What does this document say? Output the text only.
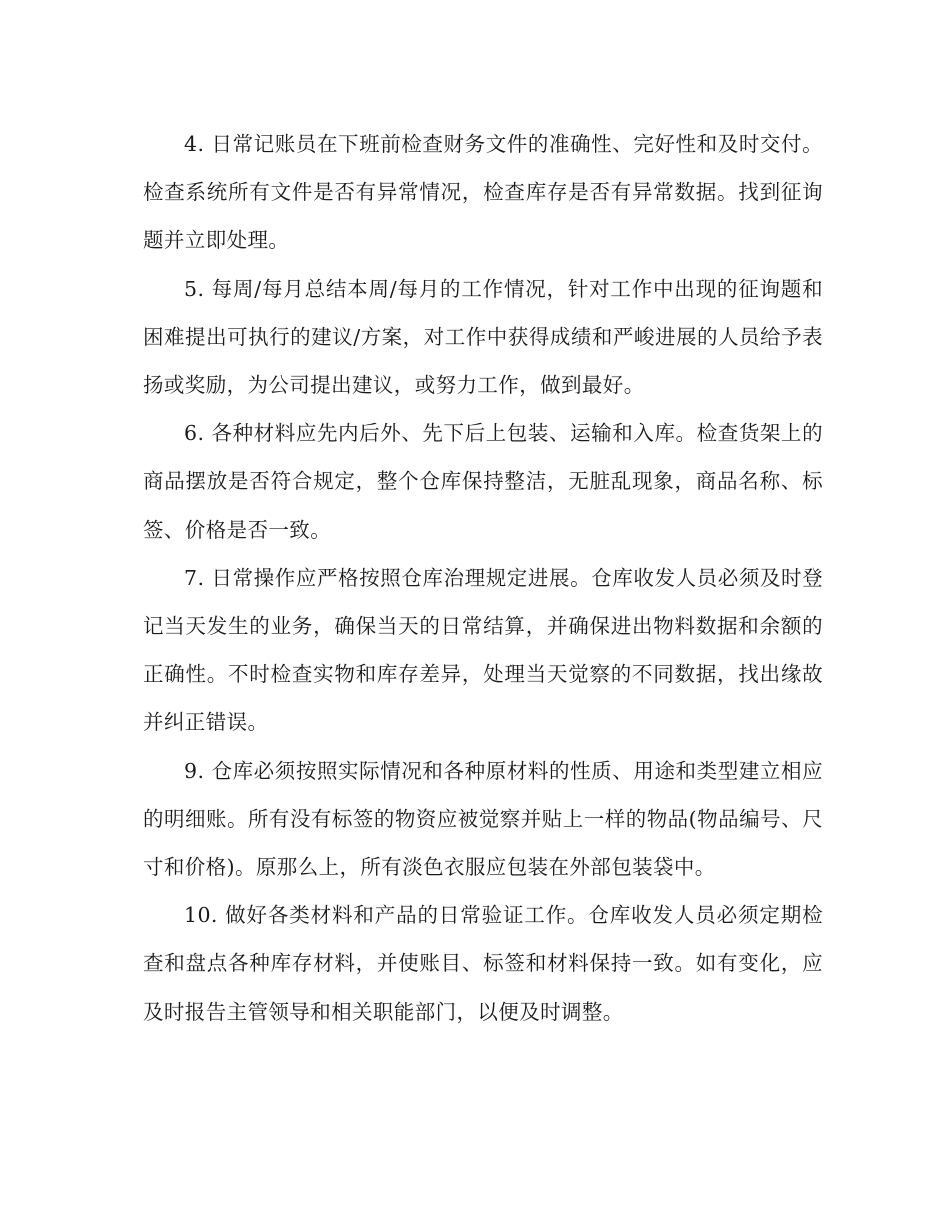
4. 日常记账员在下班前检查财务文件的准确性、完好性和及时交付。检查系统所有文件是否有异常情况，检查库存是否有异常数据。找到征询题并立即处理。

5. 每周/每月总结本周/每月的工作情况，针对工作中出现的征询题和困难提出可执行的建议/方案，对工作中获得成绩和严峻进展的人员给予表扬或奖励，为公司提出建议，或努力工作，做到最好。

6. 各种材料应先内后外、先下后上包装、运输和入库。检查货架上的商品摆放是否符合规定，整个仓库保持整洁，无脏乱现象，商品名称、标签、价格是否一致。

7. 日常操作应严格按照仓库治理规定进展。仓库收发人员必须及时登记当天发生的业务，确保当天的日常结算，并确保进出物料数据和余额的正确性。不时检查实物和库存差异，处理当天觉察的不同数据，找出缘故并纠正错误。

9. 仓库必须按照实际情况和各种原材料的性质、用途和类型建立相应的明细账。所有没有标签的物资应被觉察并贴上一样的物品(物品编号、尺寸和价格)。原那么上，所有淡色衣服应包装在外部包装袋中。

10. 做好各类材料和产品的日常验证工作。仓库收发人员必须定期检查和盘点各种库存材料，并使账目、标签和材料保持一致。如有变化，应及时报告主管领导和相关职能部门，以便及时调整。
